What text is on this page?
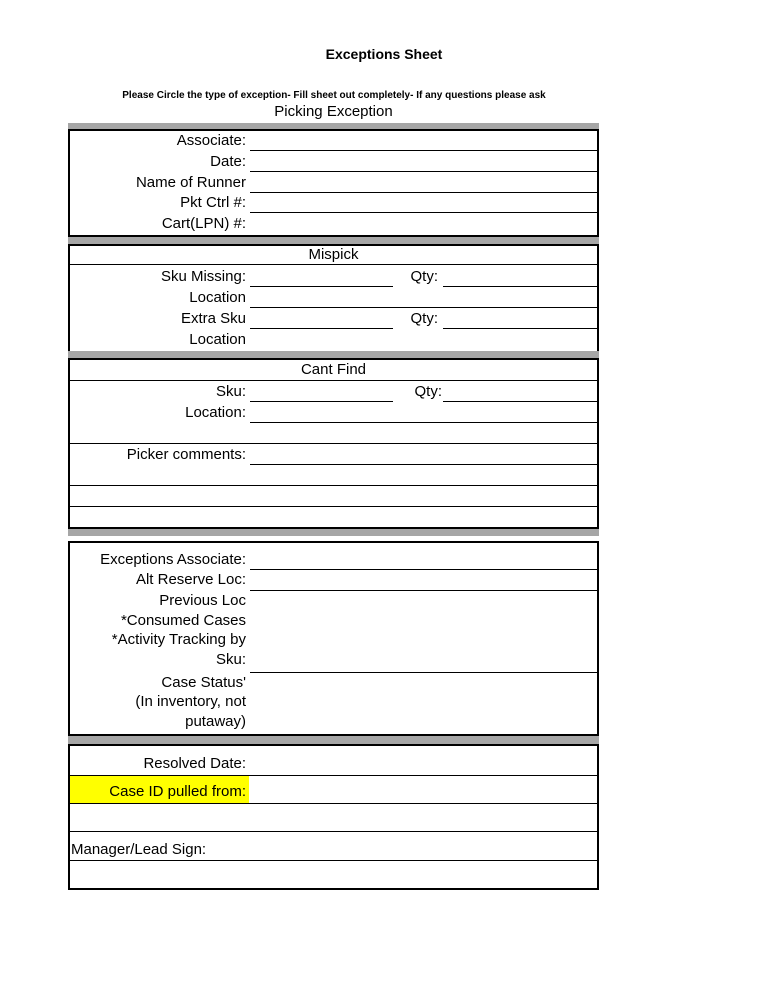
Exceptions Sheet
Please Circle the type of exception- Fill sheet out completely- If any questions please ask
Picking Exception
Associate:
Date:
Name of Runner
Pkt Ctrl #:
Cart(LPN) #:
Mispick
Sku Missing:	Qty:
Location
Extra Sku	Qty:
Location
Cant Find
Sku:	Qty:
Location:
Picker comments:
Exceptions Associate:
Alt Reserve Loc:
Previous Loc
*Consumed Cases
*Activity Tracking by
Sku:
Case Status'
(In inventory, not
putaway)
Resolved Date:
Case ID pulled from:
Manager/Lead Sign:
